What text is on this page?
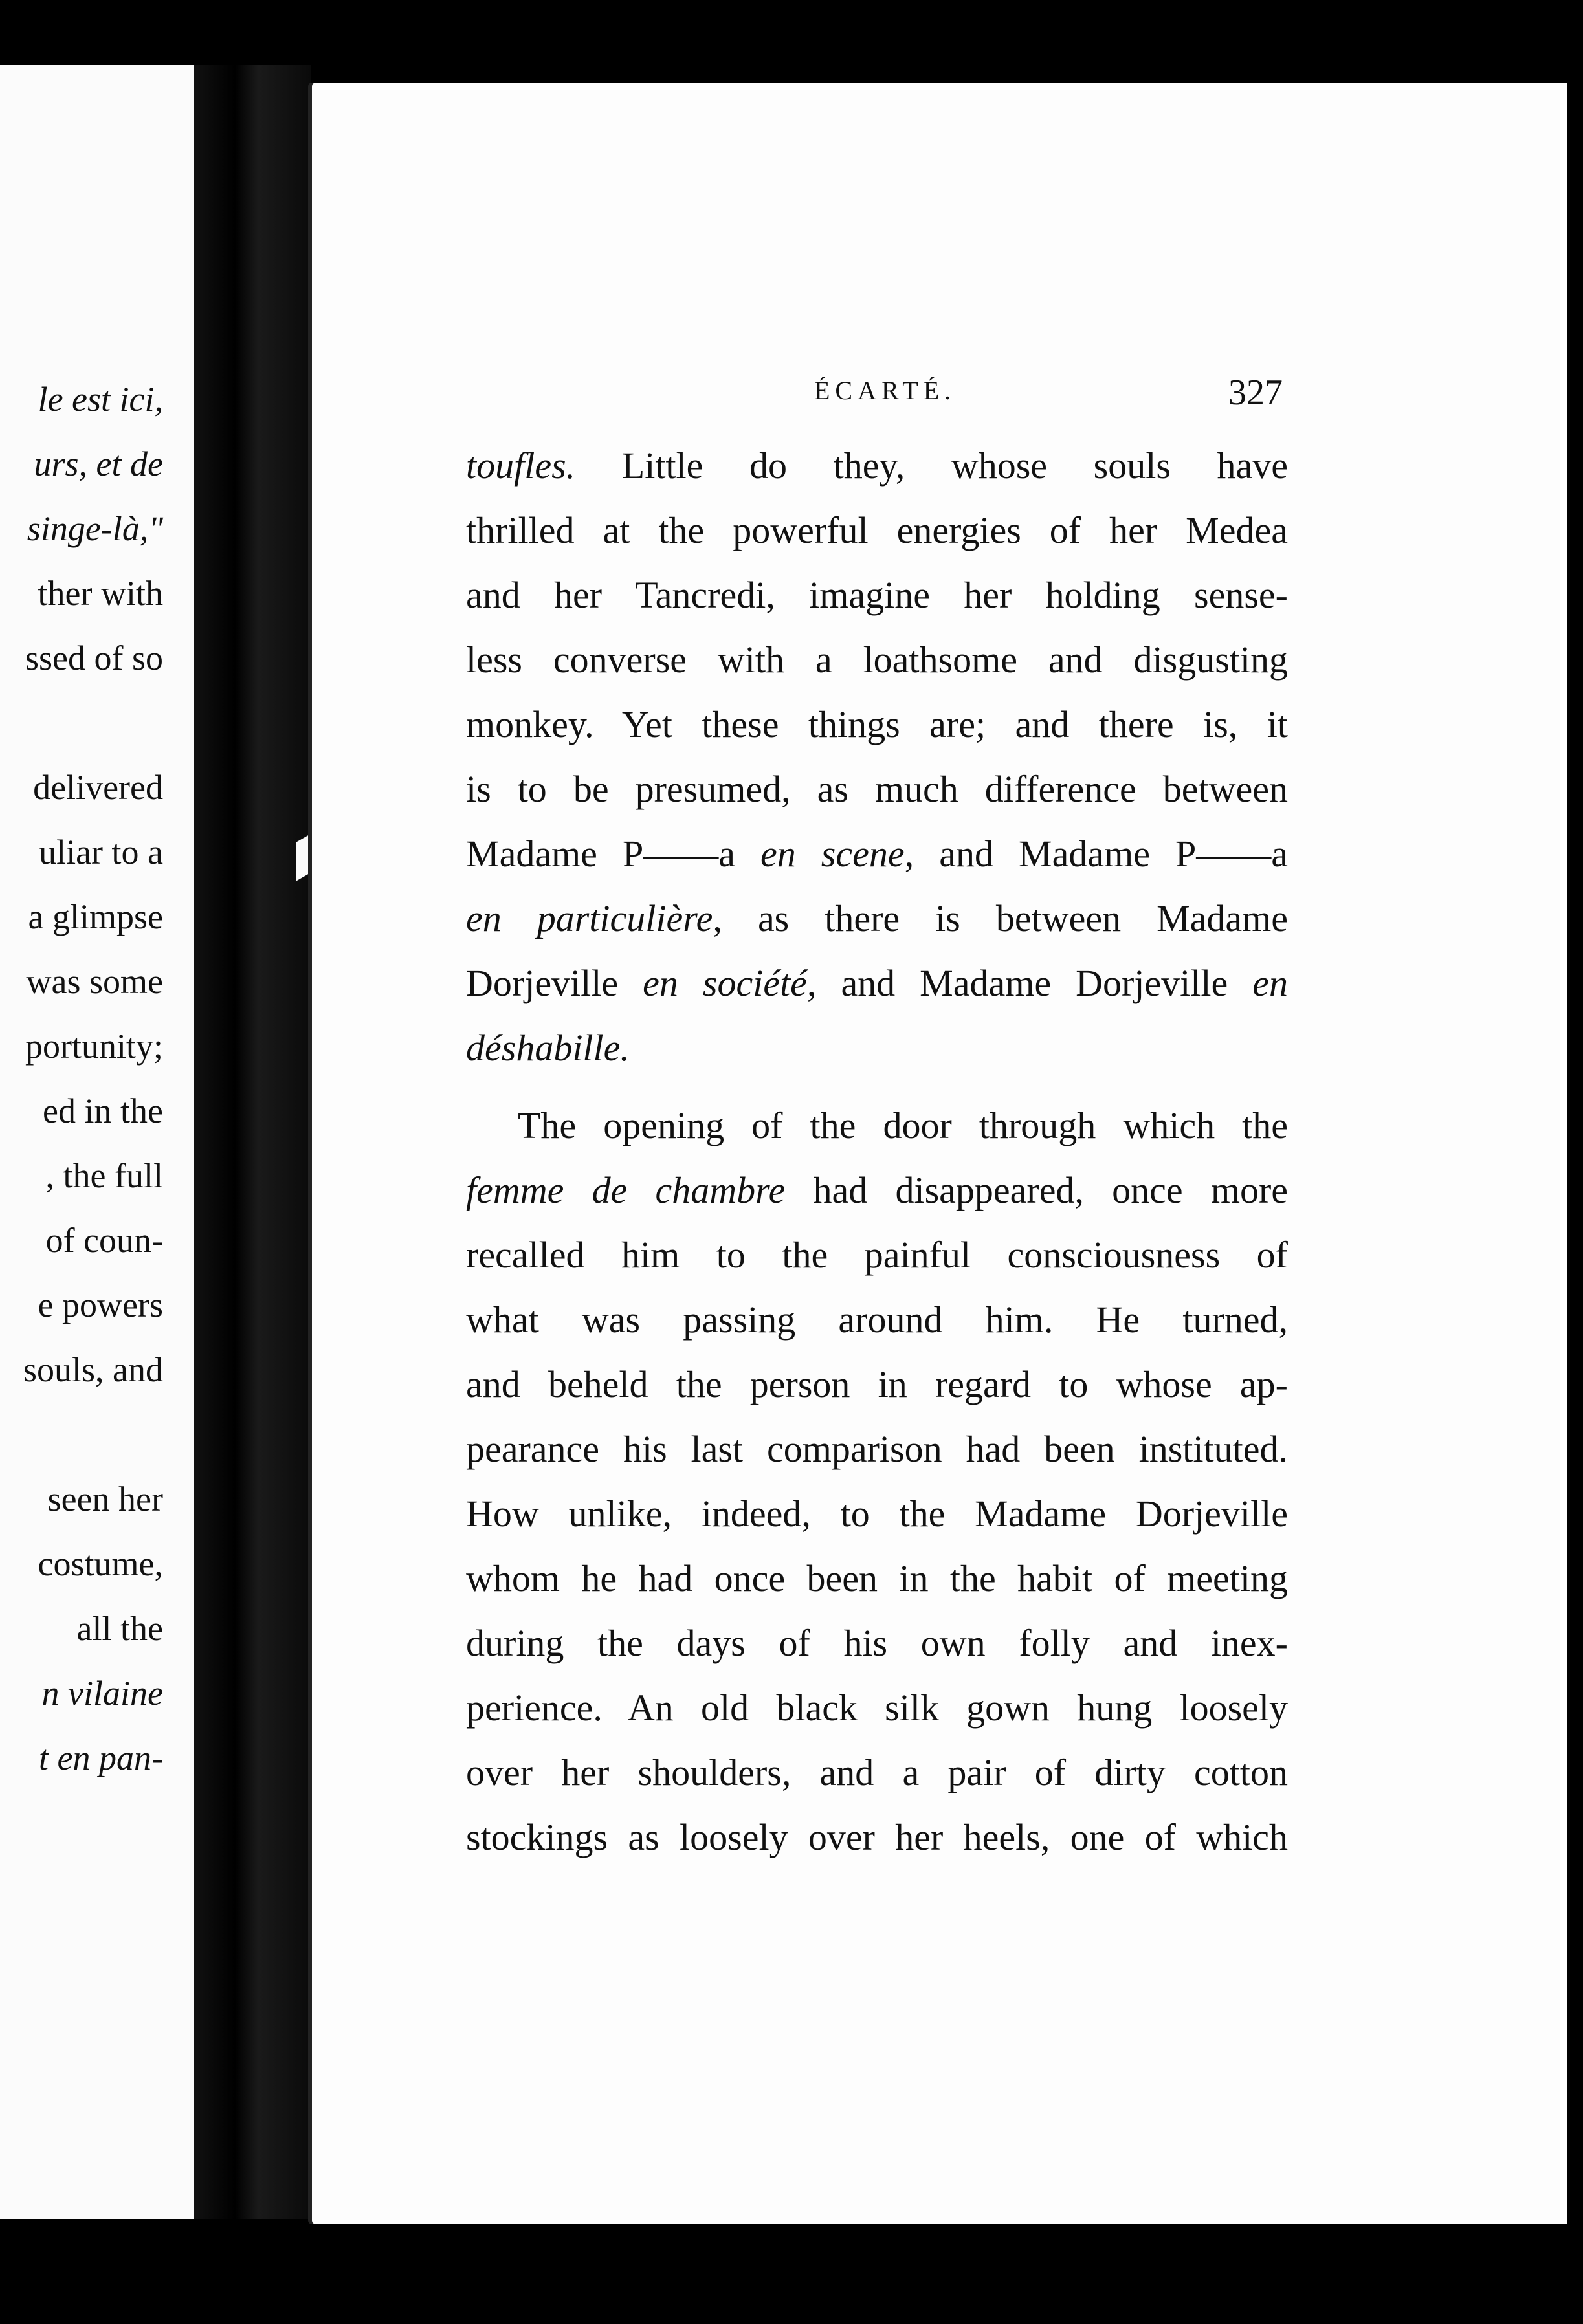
le est ici,
urs, et de
singe-là,"
ther with
ssed of so
delivered
uliar to a
a glimpse
was some
portunity;
ed in the
, the full
of coun-
e powers
souls, and
seen her
costume,
all the
n vilaine
t en pan-
ÉCARTÉ.	327
toufles. Little do they, whose souls have
thrilled at the powerful energies of her Medea
and her Tancredi, imagine her holding sense-
less converse with a loathsome and disgusting
monkey. Yet these things are; and there is, it
is to be presumed, as much difference between
Madame P——a en scene, and Madame P——a
en particulière, as there is between Madame
Dorjeville en société, and Madame Dorjeville en
déshabille.
The opening of the door through which the
femme de chambre had disappeared, once more
recalled him to the painful consciousness of
what was passing around him. He turned,
and beheld the person in regard to whose ap-
pearance his last comparison had been instituted.
How unlike, indeed, to the Madame Dorjeville
whom he had once been in the habit of meeting
during the days of his own folly and inex-
perience. An old black silk gown hung loosely
over her shoulders, and a pair of dirty cotton
stockings as loosely over her heels, one of which
